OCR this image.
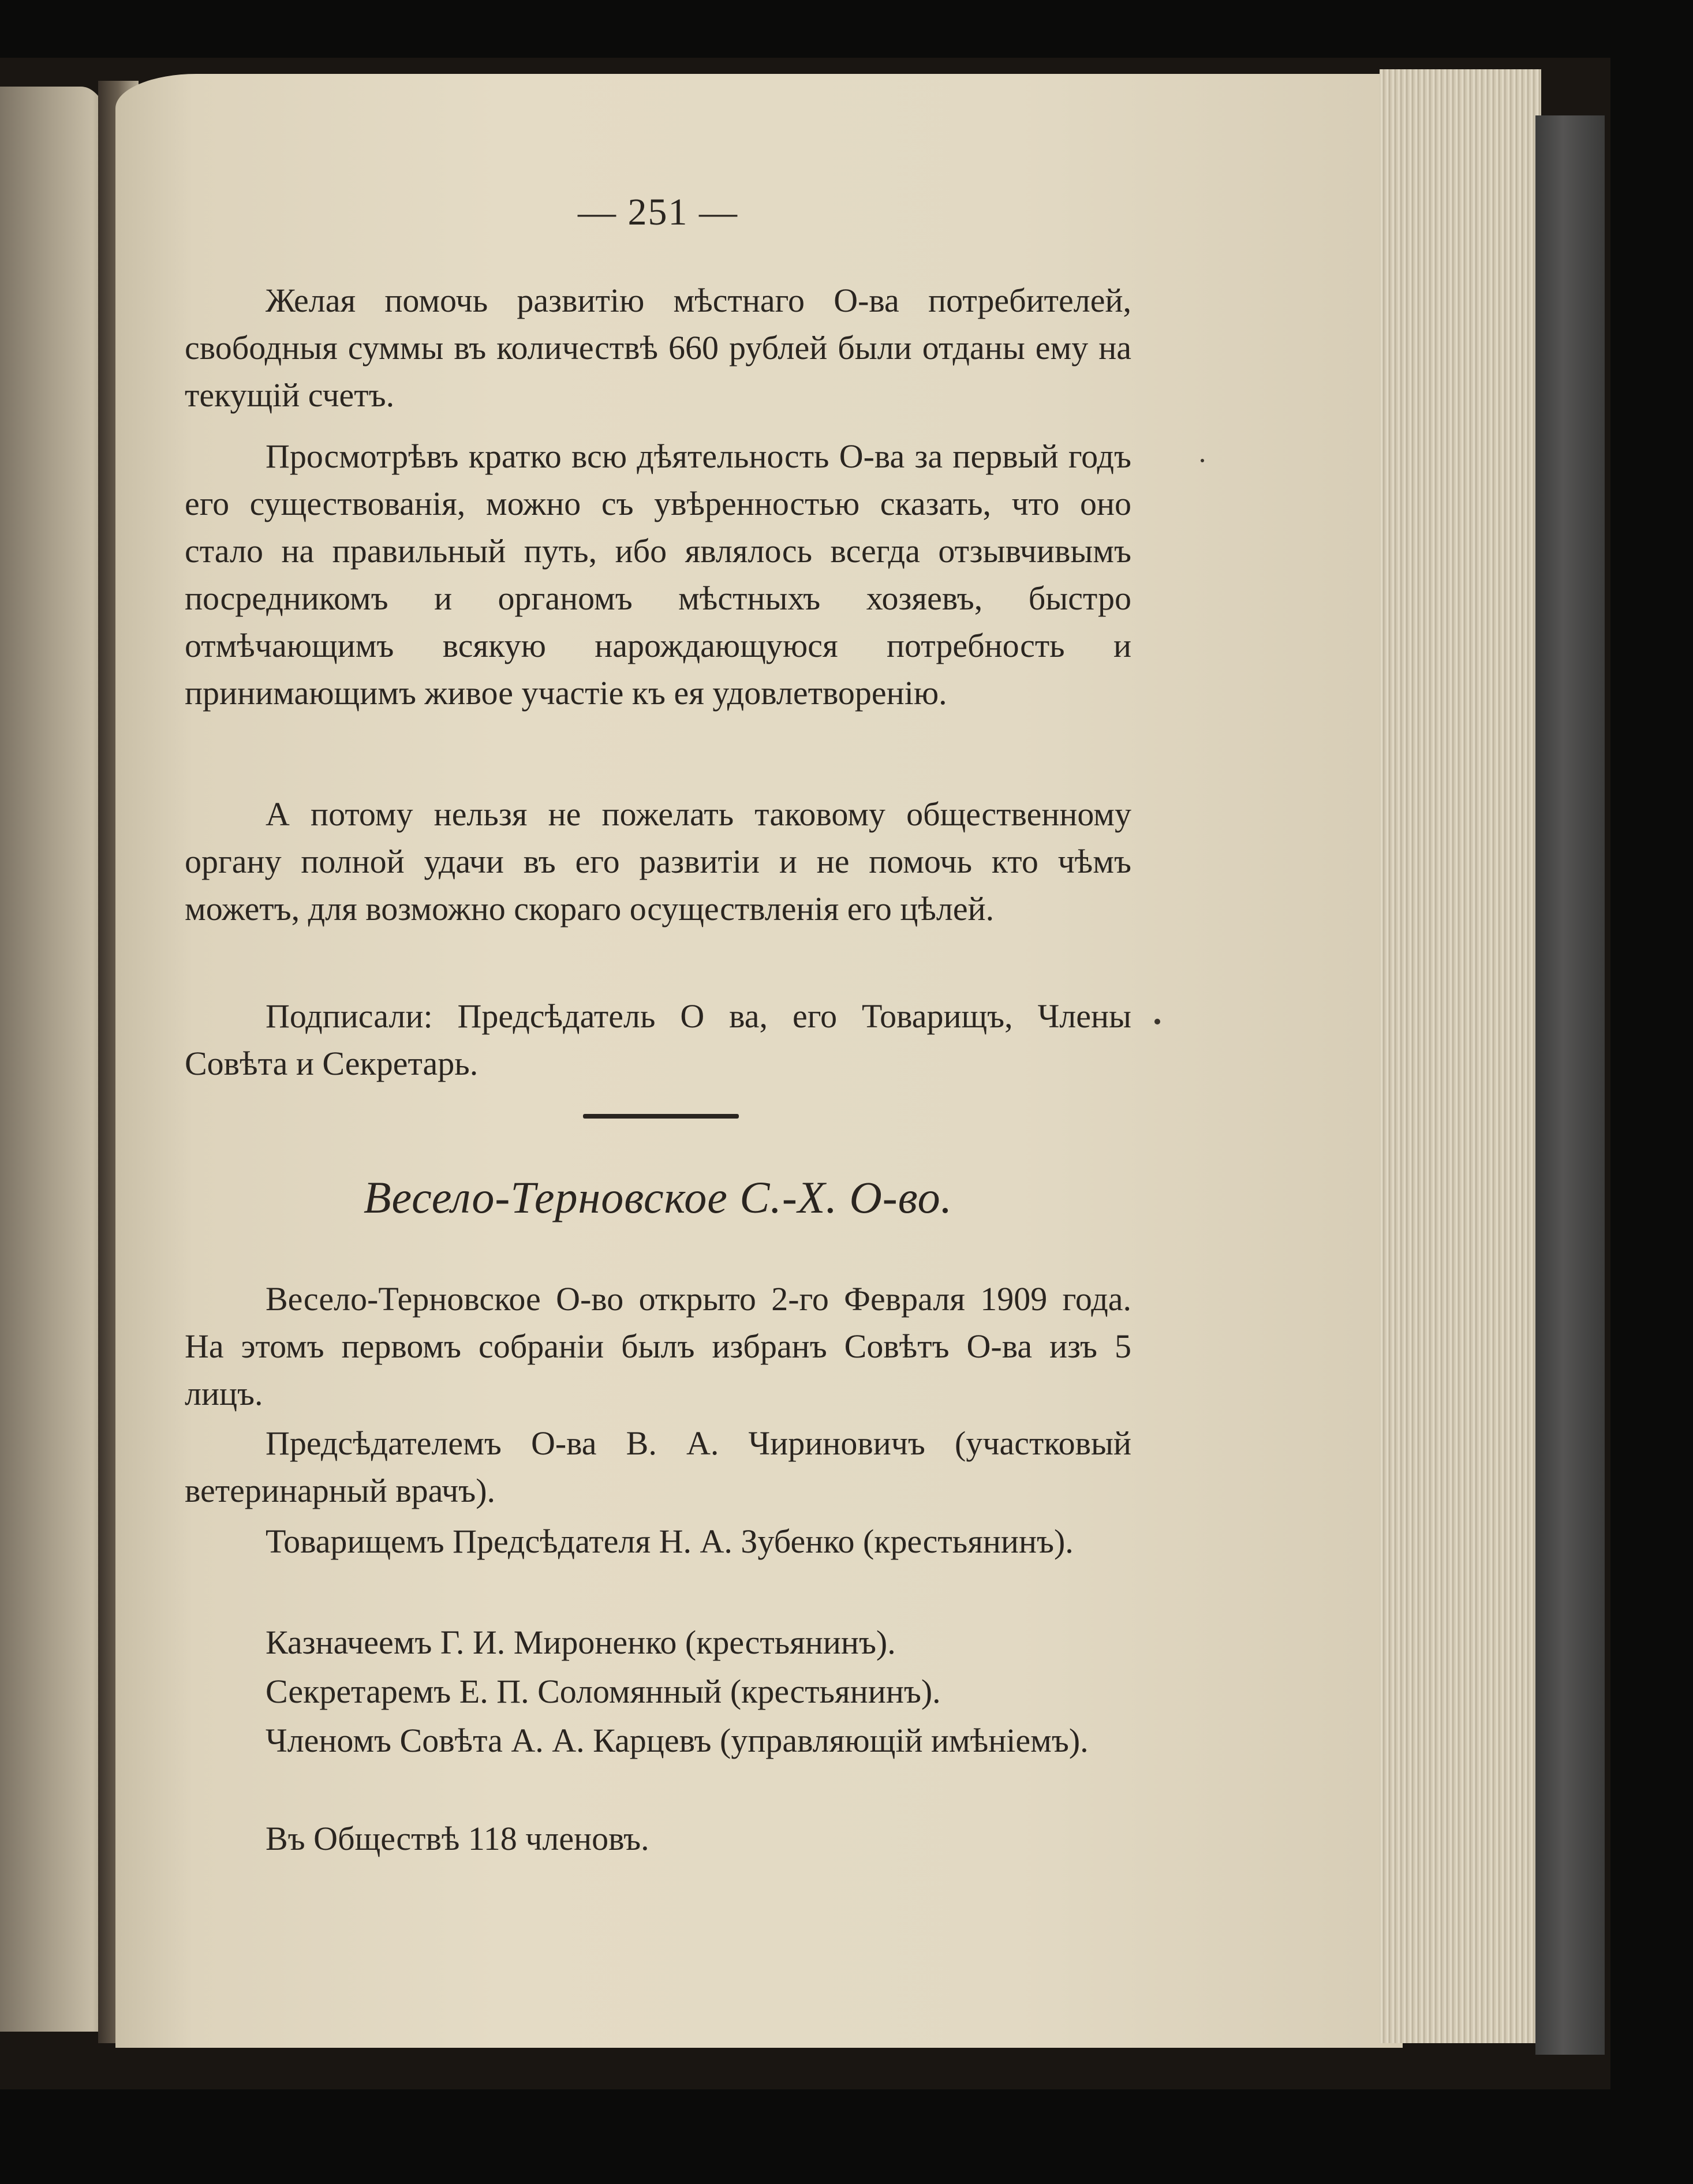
— 251 —

Желая помочь развитію мѣстнаго О-ва потребителей, свободныя суммы въ количествѣ 660 рублей были отданы ему на текущій счетъ.

Просмотрѣвъ кратко всю дѣятельность О-ва за первый годъ его существованія, можно съ увѣренностью сказать, что оно стало на правильный путь, ибо являлось всегда отзывчивымъ посредникомъ и органомъ мѣстныхъ хозяевъ, быстро отмѣчающимъ всякую нарождающуюся потребность и принимающимъ живое участіе къ ея удовлетворенію.

А потому нельзя не пожелать таковому общественному органу полной удачи въ его развитіи и не помочь кто чѣмъ можетъ, для возможно скораго осуществленія его цѣлей.

Подписали: Предсѣдатель О ва, его Товарищъ, Члены Совѣта и Секретарь.

Весело-Терновское С.-Х. О-во.

Весело-Терновское О-во открыто 2-го Февраля 1909 года. На этомъ первомъ собраніи былъ избранъ Совѣтъ О-ва изъ 5 лицъ.

Предсѣдателемъ О-ва В. А. Чириновичъ (участковый ветеринарный врачъ).

Товарищемъ Предсѣдателя Н. А. Зубенко (крестьянинъ).

Казначеемъ Г. И. Мироненко (крестьянинъ).

Секретаремъ Е. П. Соломянный (крестьянинъ).

Членомъ Совѣта А. А. Карцевъ (управляющій имѣніемъ).

Въ Обществѣ 118 членовъ.
